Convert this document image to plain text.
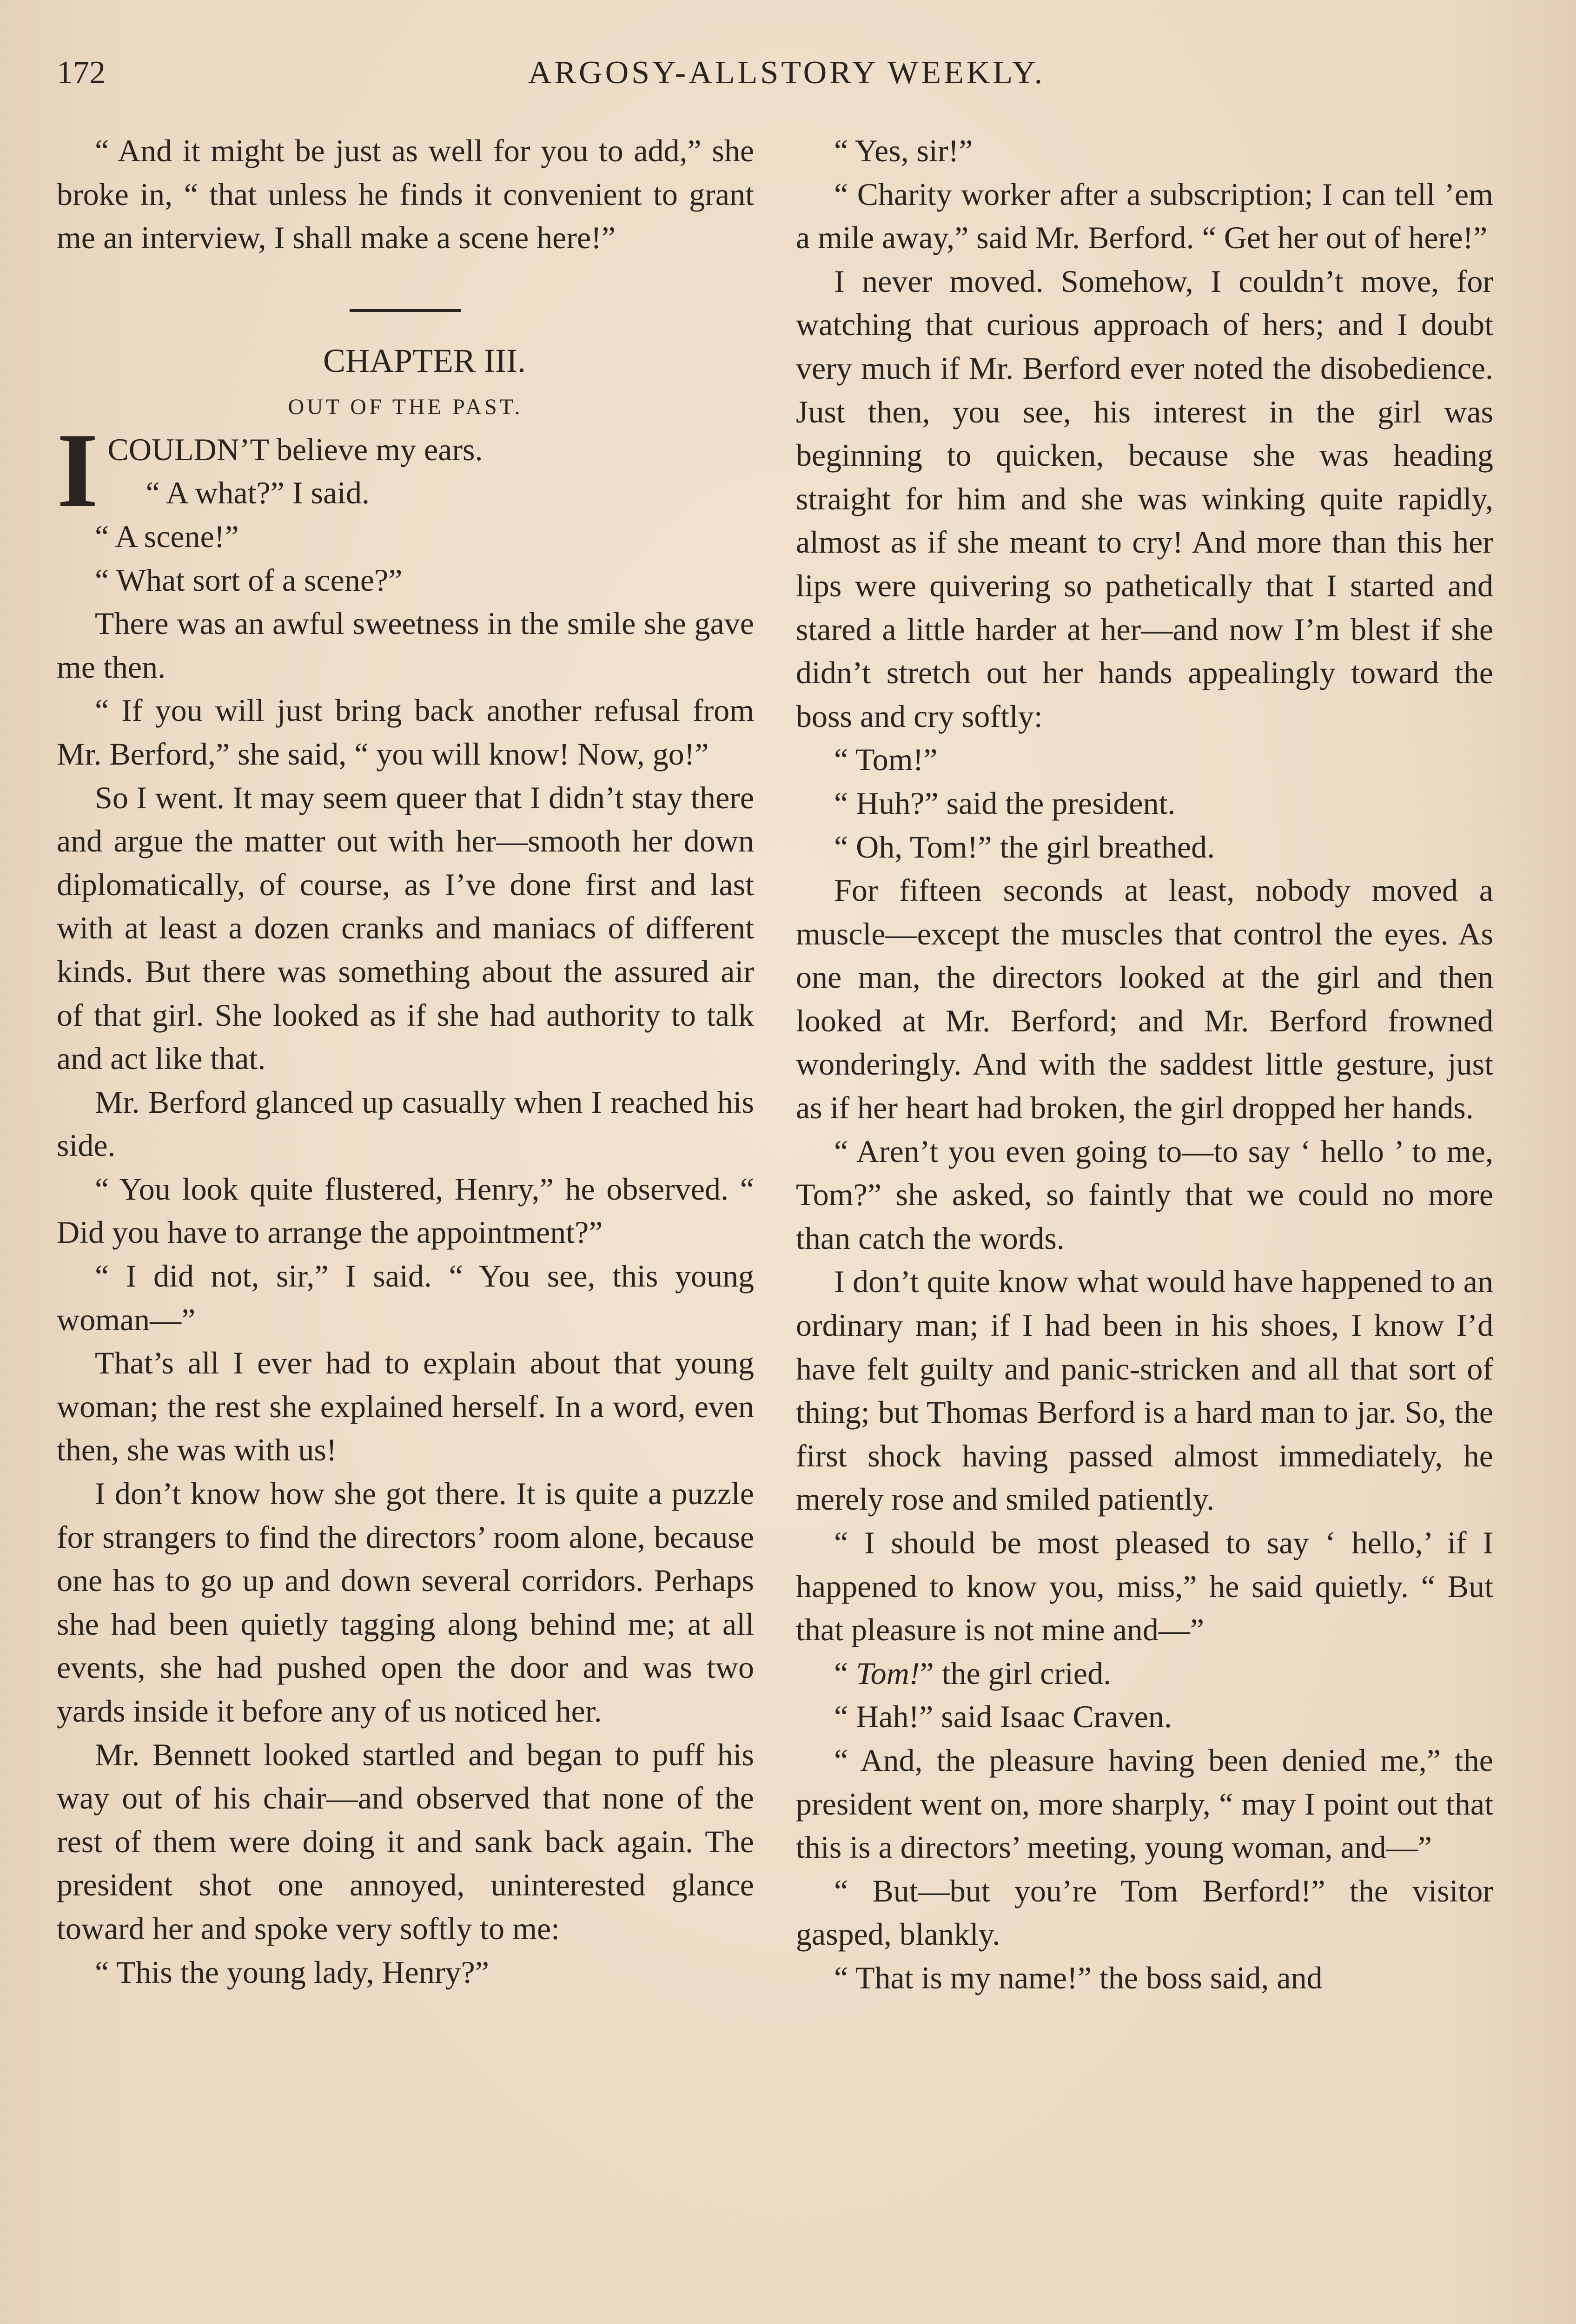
172	ARGOSY-ALLSTORY WEEKLY.

“ And it might be just as well for you to add,” she broke in, “ that unless he finds it convenient to grant me an interview, I shall make a scene here!”

CHAPTER III.

OUT OF THE PAST.

ICOULDN’T believe my ears.

“ A what?” I said.

“ A scene!”

“ What sort of a scene?”

There was an awful sweetness in the smile she gave me then.

“ If you will just bring back another refusal from Mr. Berford,” she said, “ you will know! Now, go!”

So I went. It may seem queer that I didn’t stay there and argue the matter out with her—smooth her down diplomatically, of course, as I’ve done first and last with at least a dozen cranks and maniacs of different kinds. But there was something about the assured air of that girl. She looked as if she had authority to talk and act like that.

Mr. Berford glanced up casually when I reached his side.

“ You look quite flustered, Henry,” he observed. “ Did you have to arrange the appointment?”

“ I did not, sir,” I said. “ You see, this young woman—”

That’s all I ever had to explain about that young woman; the rest she explained herself. In a word, even then, she was with us!

I don’t know how she got there. It is quite a puzzle for strangers to find the directors’ room alone, because one has to go up and down several corridors. Perhaps she had been quietly tagging along behind me; at all events, she had pushed open the door and was two yards inside it before any of us noticed her.

Mr. Bennett looked startled and began to puff his way out of his chair—and observed that none of the rest of them were doing it and sank back again. The president shot one annoyed, uninterested glance toward her and spoke very softly to me:

“ This the young lady, Henry?”

“ Yes, sir!”

“ Charity worker after a subscription; I can tell ’em a mile away,” said Mr. Berford. “ Get her out of here!”

I never moved. Somehow, I couldn’t move, for watching that curious approach of hers; and I doubt very much if Mr. Berford ever noted the disobedience. Just then, you see, his interest in the girl was beginning to quicken, because she was heading straight for him and she was winking quite rapidly, almost as if she meant to cry! And more than this her lips were quivering so pathetically that I started and stared a little harder at her—and now I’m blest if she didn’t stretch out her hands appealingly toward the boss and cry softly:

“ Tom!”

“ Huh?” said the president.

“ Oh, Tom!” the girl breathed.

For fifteen seconds at least, nobody moved a muscle—except the muscles that control the eyes. As one man, the directors looked at the girl and then looked at Mr. Berford; and Mr. Berford frowned wonderingly. And with the saddest little gesture, just as if her heart had broken, the girl dropped her hands.

“ Aren’t you even going to—to say ‘ hello ’ to me, Tom?” she asked, so faintly that we could no more than catch the words.

I don’t quite know what would have happened to an ordinary man; if I had been in his shoes, I know I’d have felt guilty and panic-stricken and all that sort of thing; but Thomas Berford is a hard man to jar. So, the first shock having passed almost immediately, he merely rose and smiled patiently.

“ I should be most pleased to say ‘ hello,’ if I happened to know you, miss,” he said quietly. “ But that pleasure is not mine and—”

“ Tom!” the girl cried.

“ Hah!” said Isaac Craven.

“ And, the pleasure having been denied me,” the president went on, more sharply, “ may I point out that this is a directors’ meeting, young woman, and—”

“ But—but you’re Tom Berford!” the visitor gasped, blankly.

“ That is my name!” the boss said, and
